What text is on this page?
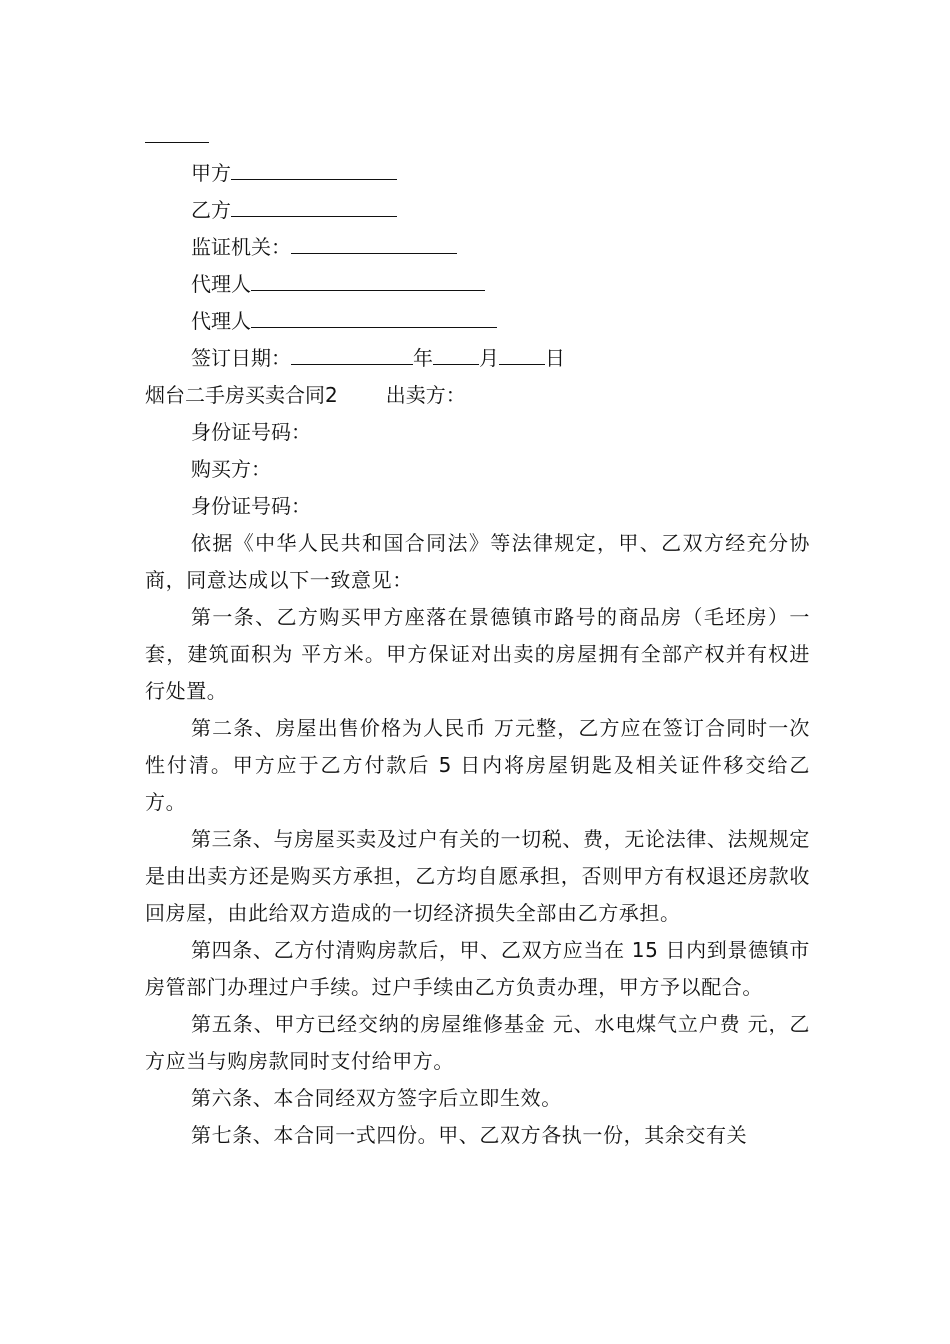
甲方
乙方
监证机关：
代理人
代理人
签订日期：	年 月 日
烟台二手房买卖合同2 出卖方：
身份证号码：
购买方：
身份证号码：

依据《中华人民共和国合同法》等法律规定，甲、乙双方经充分协商，同意达成以下一致意见：

第一条、乙方购买甲方座落在景德镇市路号的商品房（毛坯房）一套，建筑面积为 平方米。甲方保证对出卖的房屋拥有全部产权并有权进行处置。

第二条、房屋出售价格为人民币 万元整，乙方应在签订合同时一次性付清。甲方应于乙方付款后 5 日内将房屋钥匙及相关证件移交给乙方。

第三条、与房屋买卖及过户有关的一切税、费，无论法律、法规规定是由出卖方还是购买方承担，乙方均自愿承担，否则甲方有权退还房款收回房屋，由此给双方造成的一切经济损失全部由乙方承担。

第四条、乙方付清购房款后，甲、乙双方应当在 15 日内到景德镇市房管部门办理过户手续。过户手续由乙方负责办理，甲方予以配合。

第五条、甲方已经交纳的房屋维修基金 元、水电煤气立户费 元，乙方应当与购房款同时支付给甲方。

第六条、本合同经双方签字后立即生效。

第七条、本合同一式四份。甲、乙双方各执一份，其余交有关
